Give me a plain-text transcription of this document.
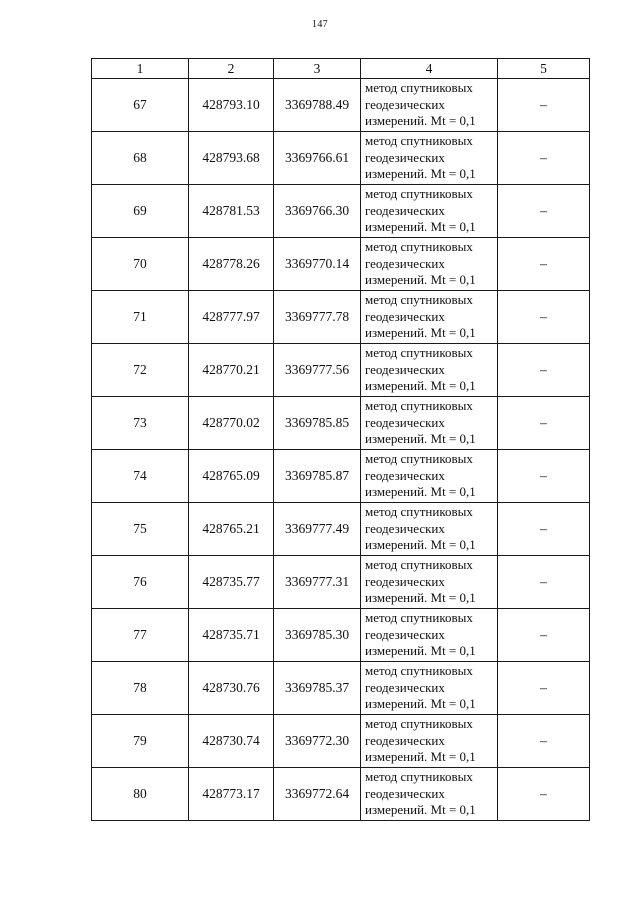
147
1	2	3	4	5
67	428793.10	3369788.49	метод спутниковых
геодезических
измерений. Mt = 0,1	–
68	428793.68	3369766.61	метод спутниковых
геодезических
измерений. Mt = 0,1	–
69	428781.53	3369766.30	метод спутниковых
геодезических
измерений. Mt = 0,1	–
70	428778.26	3369770.14	метод спутниковых
геодезических
измерений. Mt = 0,1	–
71	428777.97	3369777.78	метод спутниковых
геодезических
измерений. Mt = 0,1	–
72	428770.21	3369777.56	метод спутниковых
геодезических
измерений. Mt = 0,1	–
73	428770.02	3369785.85	метод спутниковых
геодезических
измерений. Mt = 0,1	–
74	428765.09	3369785.87	метод спутниковых
геодезических
измерений. Mt = 0,1	–
75	428765.21	3369777.49	метод спутниковых
геодезических
измерений. Mt = 0,1	–
76	428735.77	3369777.31	метод спутниковых
геодезических
измерений. Mt = 0,1	–
77	428735.71	3369785.30	метод спутниковых
геодезических
измерений. Mt = 0,1	–
78	428730.76	3369785.37	метод спутниковых
геодезических
измерений. Mt = 0,1	–
79	428730.74	3369772.30	метод спутниковых
геодезических
измерений. Mt = 0,1	–
80	428773.17	3369772.64	метод спутниковых
геодезических
измерений. Mt = 0,1	–
